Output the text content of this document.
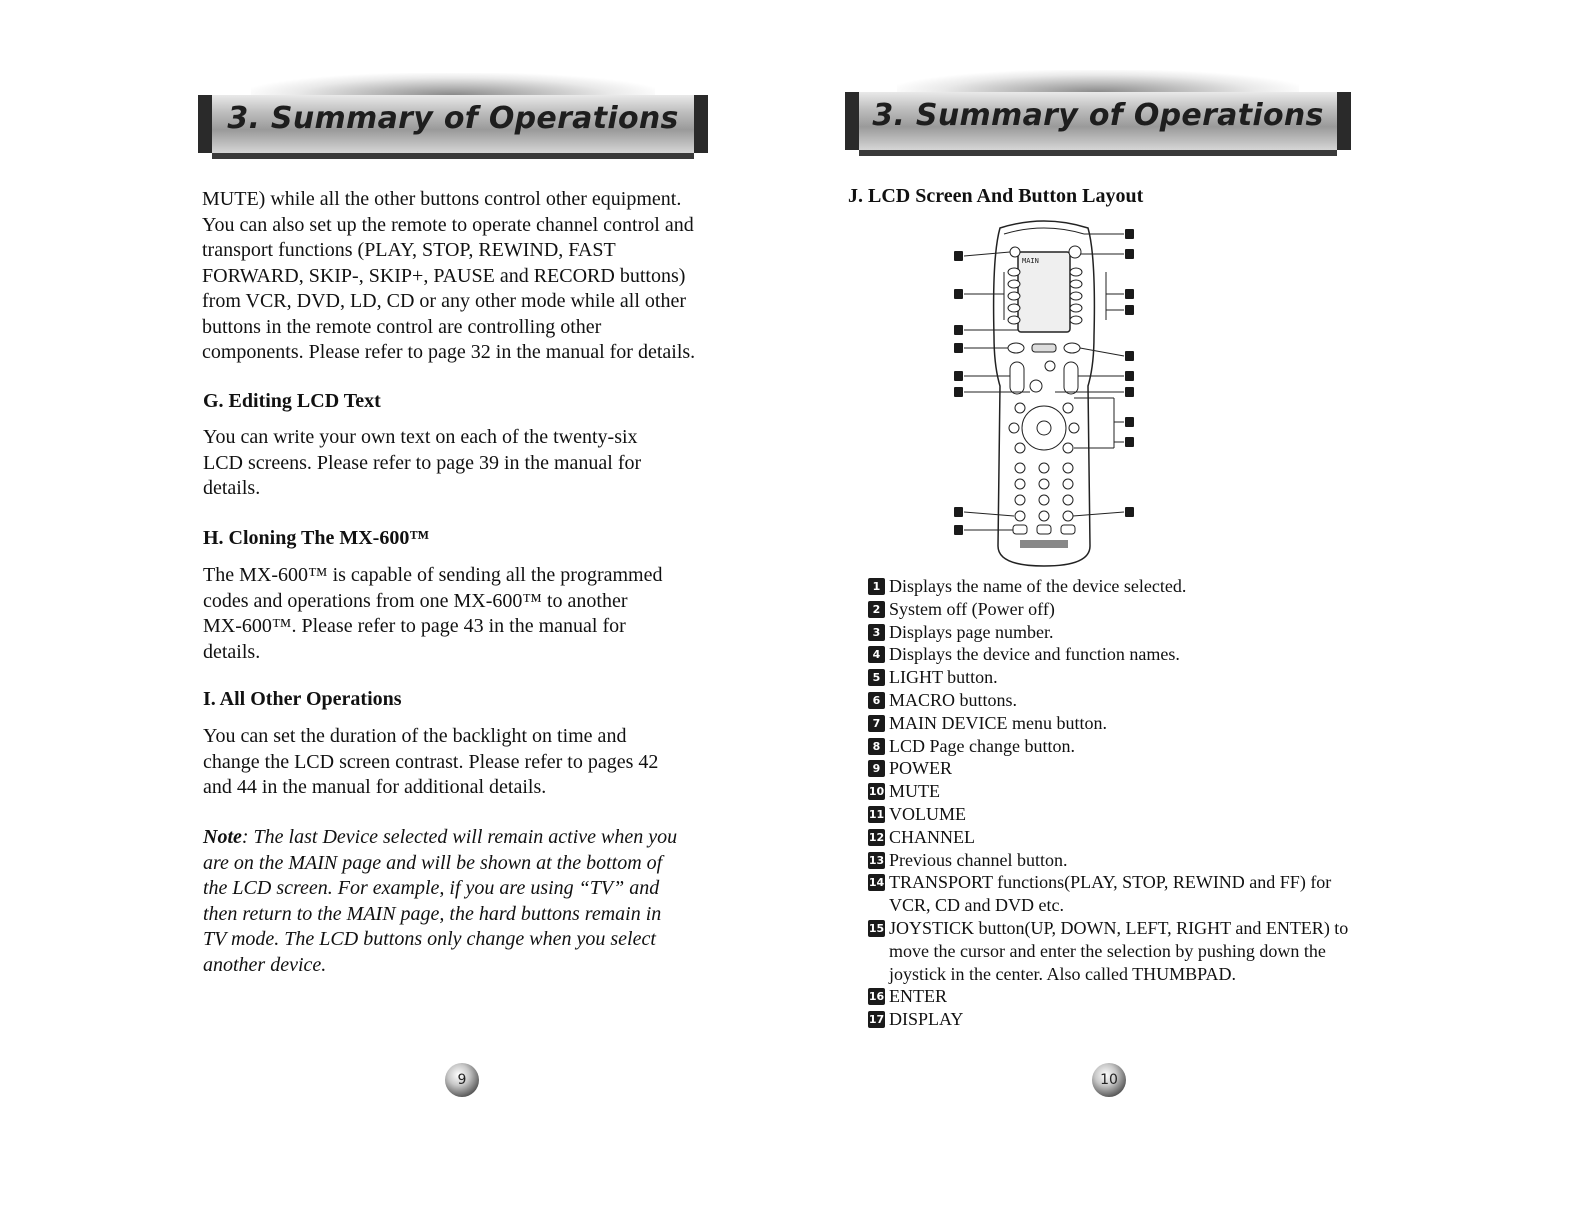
3. Summary of Operations

MUTE) while all the other buttons control other equipment.

You can also set up the remote to operate channel control and

transport functions (PLAY, STOP, REWIND, FAST

FORWARD, SKIP-, SKIP+, PAUSE and RECORD buttons)

from VCR, DVD, LD, CD or any other mode while all other

buttons in the remote control are controlling other

components. Please refer to page 32 in the manual for details.

G. Editing LCD Text

You can write your own text on each of the twenty-six

LCD screens. Please refer to page 39 in the manual for

details.

H. Cloning The MX-600™

The MX-600™ is capable of sending all the programmed

codes and operations from one MX-600™ to another

MX-600™. Please refer to page 43 in the manual for

details.

I. All Other Operations

You can set the duration of the backlight on time and

change the LCD screen contrast. Please refer to pages 42

and 44 in the manual for additional details.

Note: The last Device selected will remain active when you

are on the MAIN page and will be shown at the bottom of

the LCD screen. For example, if you are using “TV” and

then return to the MAIN page, the hard buttons remain in

TV mode. The LCD buttons only change when you select

another device.

9
3. Summary of Operations
J. LCD Screen And Button Layout
10
MAIN
1 Displays the name of the device selected.
2 System off (Power off)
3 Displays page number.
4 Displays the device and function names.
5 LIGHT button.
6 MACRO buttons.
7 MAIN DEVICE menu button.
8 LCD Page change button.
9 POWER
10 MUTE
11 VOLUME
12 CHANNEL
13 Previous channel button.
14 TRANSPORT functions(PLAY, STOP, REWIND and FF) for VCR, CD and DVD etc.
15 JOYSTICK button(UP, DOWN, LEFT, RIGHT and ENTER) to move the cursor and enter the selection by pushing down the joystick in the center. Also called THUMBPAD.
16 ENTER
17 DISPLAY
